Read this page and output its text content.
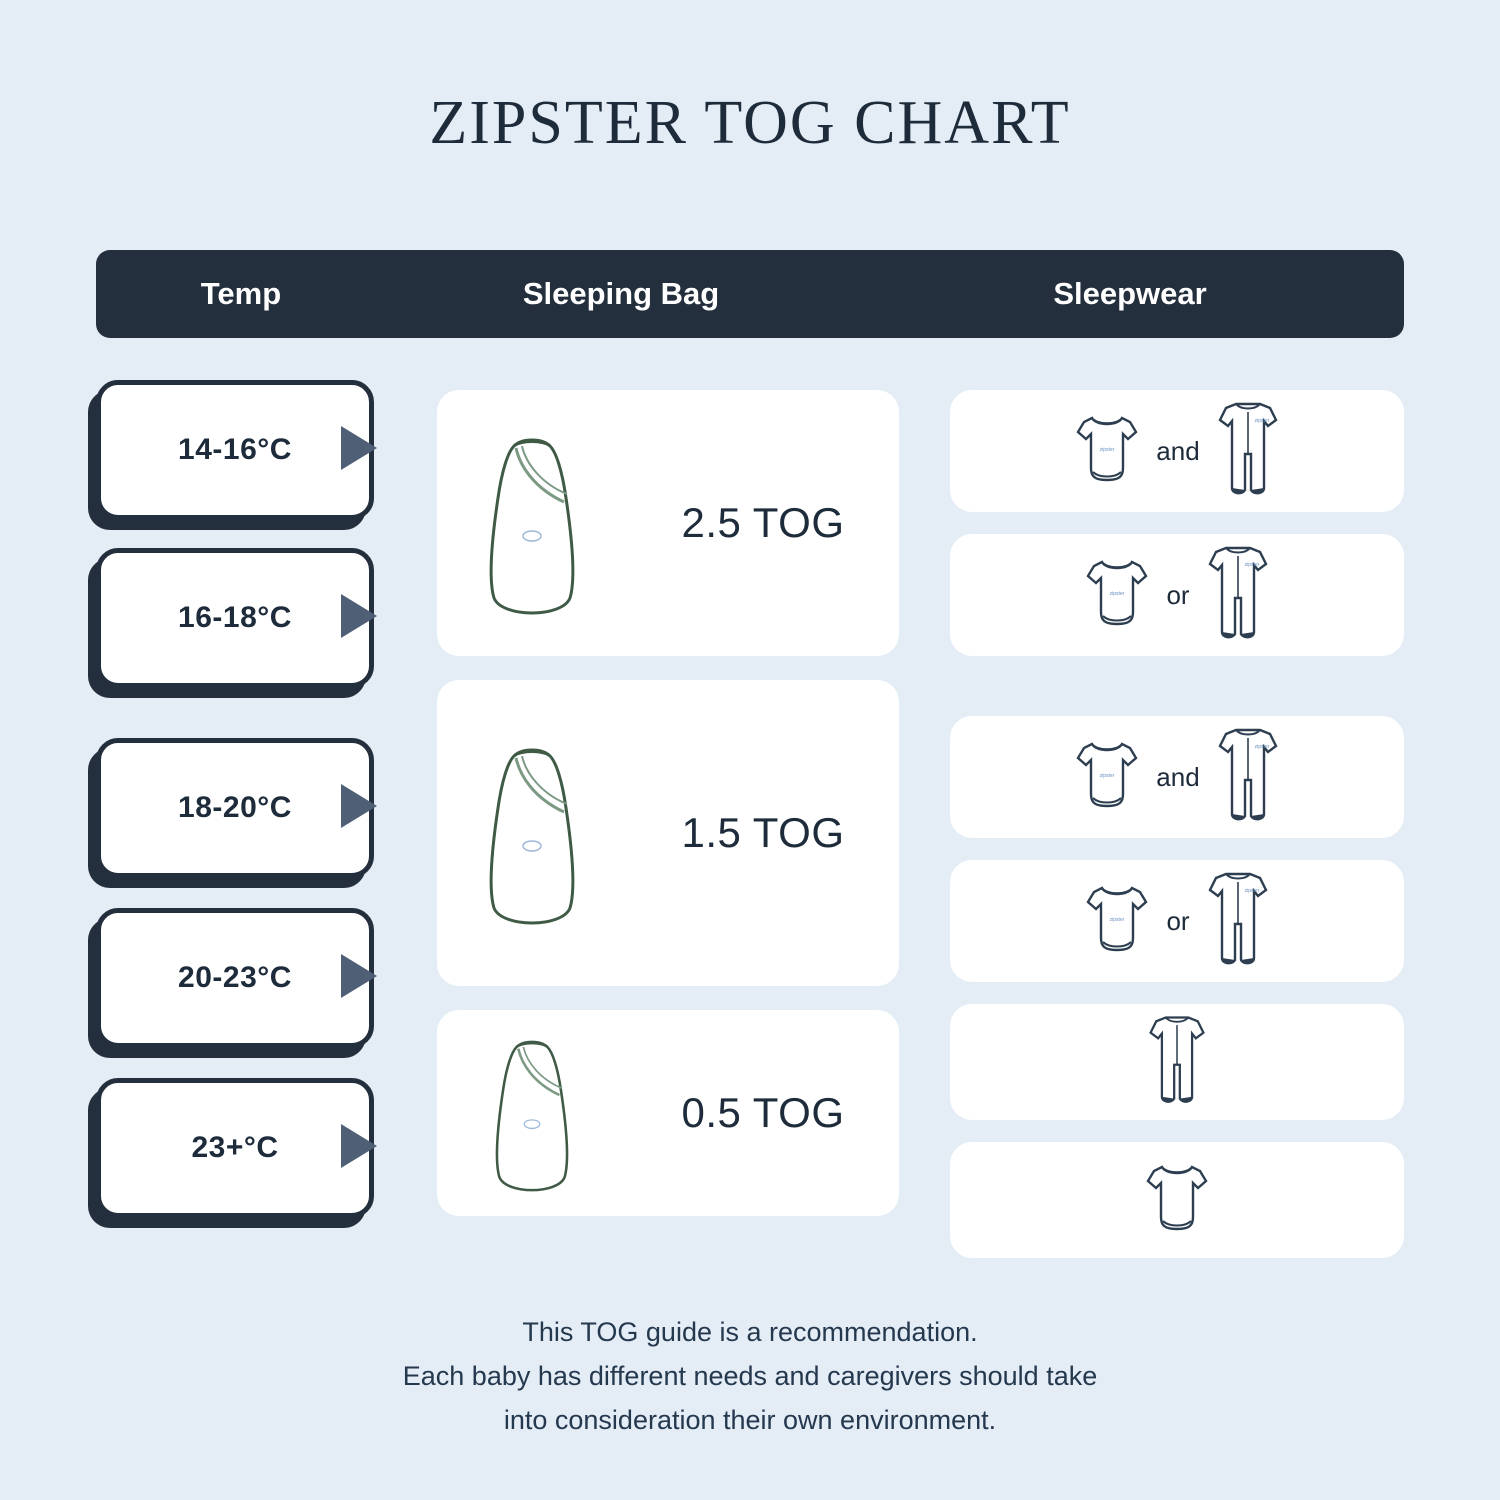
ZIPSTER TOG CHART
Temp	Sleeping Bag	Sleepwear
14-16°C
16-18°C
18-20°C
20-23°C
23+°C
2.5 TOG
1.5 TOG
0.5 TOG
zipster and
zipster
zipster or
zipster
zipster and
zipster
zipster or
zipster
This TOG guide is a recommendation.
Each baby has different needs and caregivers should take
into consideration their own environment.
